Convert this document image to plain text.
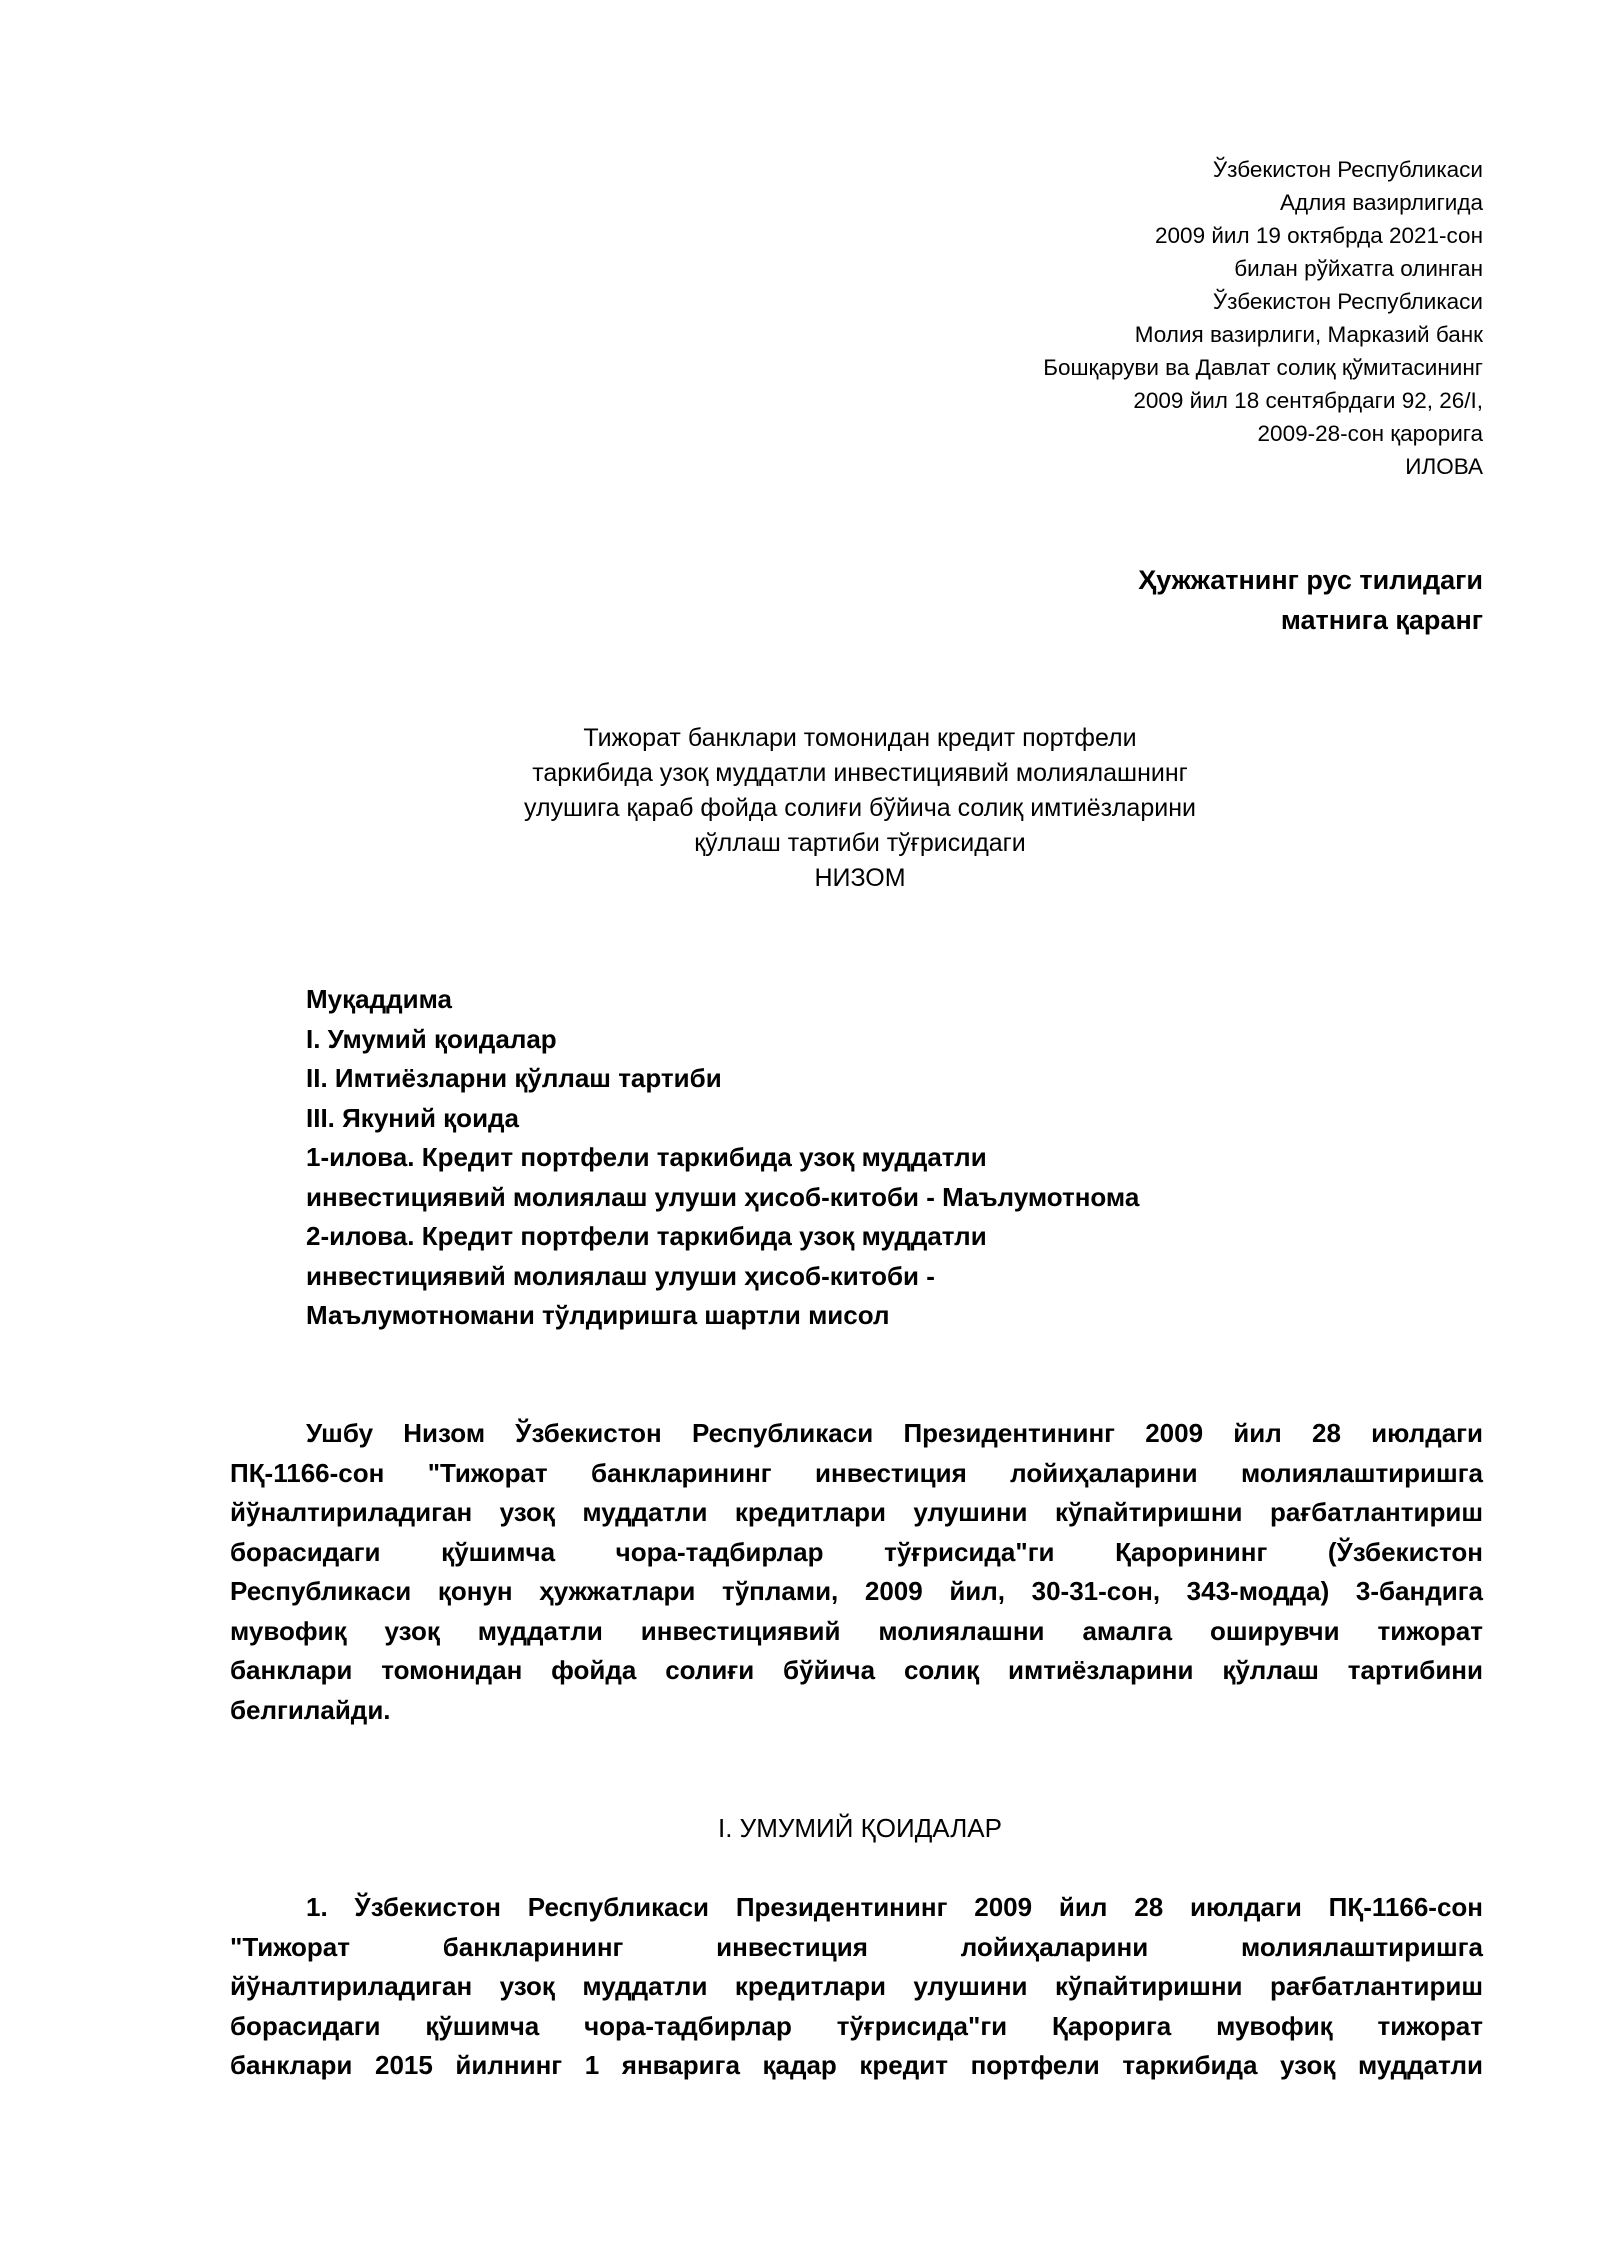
Ўзбекистон Республикаси
Адлия вазирлигида
2009 йил 19 октябрда 2021-сон
билан рўйхатга олинган
Ўзбекистон Республикаси
Молия вазирлиги, Марказий банк
Бошқаруви ва Давлат солиқ қўмитасининг
2009 йил 18 сентябрдаги 92, 26/I,
2009-28-сон қарорига
ИЛОВА
Ҳужжатнинг рус тилидаги
матнига қаранг
Тижорат банклари томонидан кредит портфели
таркибида узоқ муддатли инвестициявий молиялашнинг
улушига қараб фойда солиғи бўйича солиқ имтиёзларини
қўллаш тартиби тўғрисидаги
НИЗОМ
Муқаддима
I. Умумий қоидалар
II. Имтиёзларни қўллаш тартиби
III. Якуний қоида
1-илова. Кредит портфели таркибида узоқ муддатли
инвестициявий молиялаш улуши ҳисоб-китоби - Маълумотнома
2-илова. Кредит портфели таркибида узоқ муддатли
инвестициявий молиялаш улуши ҳисоб-китоби -
Маълумотномани тўлдиришга шартли мисол
Ушбу Низом Ўзбекистон Республикаси Президентининг 2009 йил 28 июлдаги
ПҚ-1166-сон "Тижорат банкларининг инвестиция лойиҳаларини молиялаштиришга
йўналтириладиган узоқ муддатли кредитлари улушини кўпайтиришни рағбатлантириш
борасидаги қўшимча чора-тадбирлар тўғрисида"ги Қарорининг (Ўзбекистон
Республикаси қонун ҳужжатлари тўплами, 2009 йил, 30-31-сон, 343-модда) 3-бандига
мувофиқ узоқ муддатли инвестициявий молиялашни амалга оширувчи тижорат
банклари томонидан фойда солиғи бўйича солиқ имтиёзларини қўллаш тартибини
белгилайди.
I. УМУМИЙ ҚОИДАЛАР
1. Ўзбекистон Республикаси Президентининг 2009 йил 28 июлдаги ПҚ-1166-сон
"Тижорат банкларининг инвестиция лойиҳаларини молиялаштиришга
йўналтириладиган узоқ муддатли кредитлари улушини кўпайтиришни рағбатлантириш
борасидаги қўшимча чора-тадбирлар тўғрисида"ги Қарорига мувофиқ тижорат
банклари 2015 йилнинг 1 январига қадар кредит портфели таркибида узоқ муддатли
